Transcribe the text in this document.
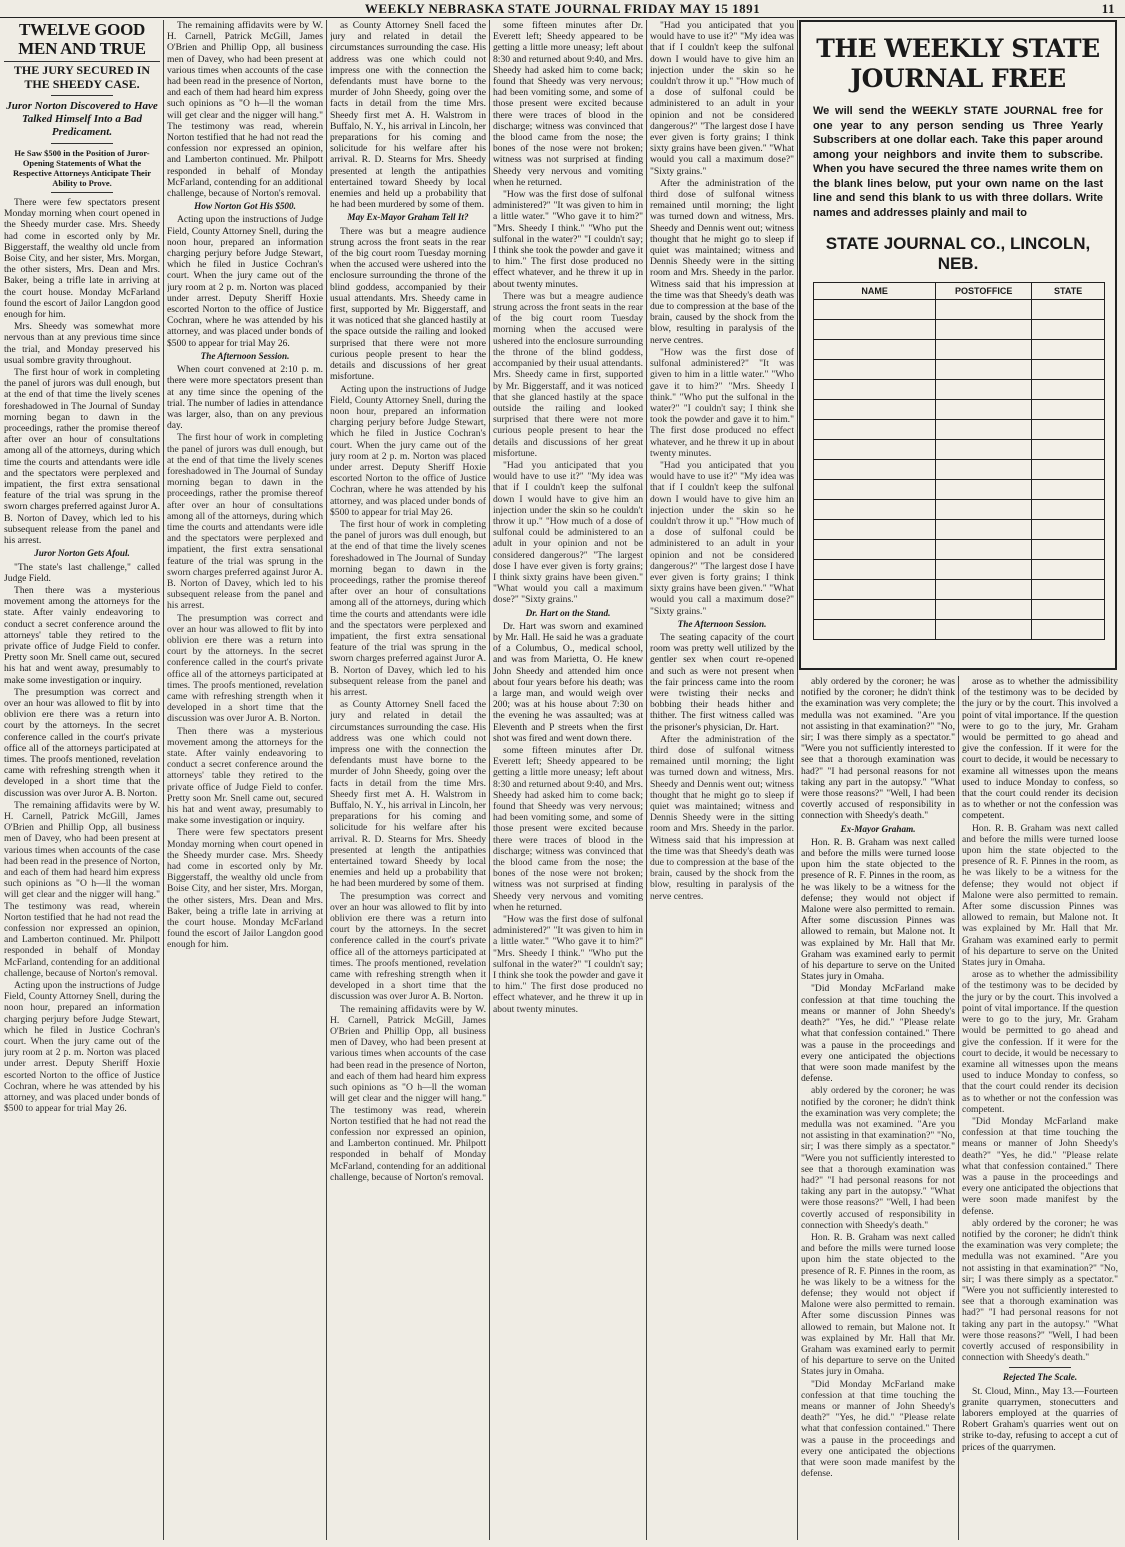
WEEKLY NEBRASKA STATE JOURNAL FRIDAY MAY 15 1891	11

TWELVE GOOD MEN AND TRUE

THE JURY SECURED IN THE SHEEDY CASE.

Juror Norton Discovered to Have Talked Himself Into a Bad Predicament.

He Saw $500 in the Position of Juror-Opening Statements of What the Respective Attorneys Anticipate Their Ability to Prove.

There were few spectators present Monday morning when court opened in the Sheedy murder case. Mrs. Sheedy had come in escorted only by Mr. Biggerstaff, the wealthy old uncle from Boise City, and her sister, Mrs. Morgan, the other sisters, Mrs. Dean and Mrs. Baker, being a trifle late in arriving at the court house. Monday McFarland found the escort of Jailor Langdon good enough for him.

Mrs. Sheedy was somewhat more nervous than at any previous time since the trial, and Monday preserved his usual sombre gravity throughout.

The first hour of work in completing the panel of jurors was dull enough, but at the end of that time the lively scenes foreshadowed in The Journal of Sunday morning began to dawn in the proceedings, rather the promise thereof after over an hour of consultations among all of the attorneys, during which time the courts and attendants were idle and the spectators were perplexed and impatient, the first extra sensational feature of the trial was sprung in the sworn charges preferred against Juror A. B. Norton of Davey, which led to his subsequent release from the panel and his arrest.

Juror Norton Gets Afoul.

"The state's last challenge," called Judge Field.

Then there was a mysterious movement among the attorneys for the state. After vainly endeavoring to conduct a secret conference around the attorneys' table they retired to the private office of Judge Field to confer. Pretty soon Mr. Snell came out, secured his hat and went away, presumably to make some investigation or inquiry.

The presumption was correct and over an hour was allowed to flit by into oblivion ere there was a return into court by the attorneys. In the secret conference called in the court's private office all of the attorneys participated at times. The proofs mentioned, revelation came with refreshing strength when it developed in a short time that the discussion was over Juror A. B. Norton.

The remaining affidavits were by W. H. Carnell, Patrick McGill, James O'Brien and Phillip Opp, all business men of Davey, who had been present at various times when accounts of the case had been read in the presence of Norton, and each of them had heard him express such opinions as "O h—ll the woman will get clear and the nigger will hang." The testimony was read, wherein Norton testified that he had not read the confession nor expressed an opinion, and Lamberton continued. Mr. Philpott responded in behalf of Monday McFarland, contending for an additional challenge, because of Norton's removal.

Acting upon the instructions of Judge Field, County Attorney Snell, during the noon hour, prepared an information charging perjury before Judge Stewart, which he filed in Justice Cochran's court. When the jury came out of the jury room at 2 p. m. Norton was placed under arrest. Deputy Sheriff Hoxie escorted Norton to the office of Justice Cochran, where he was attended by his attorney, and was placed under bonds of $500 to appear for trial May 26.

The remaining affidavits were by W. H. Carnell, Patrick McGill, James O'Brien and Phillip Opp, all business men of Davey, who had been present at various times when accounts of the case had been read in the presence of Norton, and each of them had heard him express such opinions as "O h—ll the woman will get clear and the nigger will hang." The testimony was read, wherein Norton testified that he had not read the confession nor expressed an opinion, and Lamberton continued. Mr. Philpott responded in behalf of Monday McFarland, contending for an additional challenge, because of Norton's removal.

How Norton Got His $500.

Acting upon the instructions of Judge Field, County Attorney Snell, during the noon hour, prepared an information charging perjury before Judge Stewart, which he filed in Justice Cochran's court. When the jury came out of the jury room at 2 p. m. Norton was placed under arrest. Deputy Sheriff Hoxie escorted Norton to the office of Justice Cochran, where he was attended by his attorney, and was placed under bonds of $500 to appear for trial May 26.

The Afternoon Session.

When court convened at 2:10 p. m. there were more spectators present than at any time since the opening of the trial. The number of ladies in attendance was larger, also, than on any previous day.

The first hour of work in completing the panel of jurors was dull enough, but at the end of that time the lively scenes foreshadowed in The Journal of Sunday morning began to dawn in the proceedings, rather the promise thereof after over an hour of consultations among all of the attorneys, during which time the courts and attendants were idle and the spectators were perplexed and impatient, the first extra sensational feature of the trial was sprung in the sworn charges preferred against Juror A. B. Norton of Davey, which led to his subsequent release from the panel and his arrest.

The presumption was correct and over an hour was allowed to flit by into oblivion ere there was a return into court by the attorneys. In the secret conference called in the court's private office all of the attorneys participated at times. The proofs mentioned, revelation came with refreshing strength when it developed in a short time that the discussion was over Juror A. B. Norton.

Then there was a mysterious movement among the attorneys for the state. After vainly endeavoring to conduct a secret conference around the attorneys' table they retired to the private office of Judge Field to confer. Pretty soon Mr. Snell came out, secured his hat and went away, presumably to make some investigation or inquiry.

There were few spectators present Monday morning when court opened in the Sheedy murder case. Mrs. Sheedy had come in escorted only by Mr. Biggerstaff, the wealthy old uncle from Boise City, and her sister, Mrs. Morgan, the other sisters, Mrs. Dean and Mrs. Baker, being a trifle late in arriving at the court house. Monday McFarland found the escort of Jailor Langdon good enough for him.

as County Attorney Snell faced the jury and related in detail the circumstances surrounding the case. His address was one which could not impress one with the connection the defendants must have borne to the murder of John Sheedy, going over the facts in detail from the time Mrs. Sheedy first met A. H. Walstrom in Buffalo, N. Y., his arrival in Lincoln, her preparations for his coming and solicitude for his welfare after his arrival. R. D. Stearns for Mrs. Sheedy presented at length the antipathies entertained toward Sheedy by local enemies and held up a probability that he had been murdered by some of them.

May Ex-Mayor Graham Tell It?

There was but a meagre audience strung across the front seats in the rear of the big court room Tuesday morning when the accused were ushered into the enclosure surrounding the throne of the blind goddess, accompanied by their usual attendants. Mrs. Sheedy came in first, supported by Mr. Biggerstaff, and it was noticed that she glanced hastily at the space outside the railing and looked surprised that there were not more curious people present to hear the details and discussions of her great misfortune.

Acting upon the instructions of Judge Field, County Attorney Snell, during the noon hour, prepared an information charging perjury before Judge Stewart, which he filed in Justice Cochran's court. When the jury came out of the jury room at 2 p. m. Norton was placed under arrest. Deputy Sheriff Hoxie escorted Norton to the office of Justice Cochran, where he was attended by his attorney, and was placed under bonds of $500 to appear for trial May 26.

The first hour of work in completing the panel of jurors was dull enough, but at the end of that time the lively scenes foreshadowed in The Journal of Sunday morning began to dawn in the proceedings, rather the promise thereof after over an hour of consultations among all of the attorneys, during which time the courts and attendants were idle and the spectators were perplexed and impatient, the first extra sensational feature of the trial was sprung in the sworn charges preferred against Juror A. B. Norton of Davey, which led to his subsequent release from the panel and his arrest.

as County Attorney Snell faced the jury and related in detail the circumstances surrounding the case. His address was one which could not impress one with the connection the defendants must have borne to the murder of John Sheedy, going over the facts in detail from the time Mrs. Sheedy first met A. H. Walstrom in Buffalo, N. Y., his arrival in Lincoln, her preparations for his coming and solicitude for his welfare after his arrival. R. D. Stearns for Mrs. Sheedy presented at length the antipathies entertained toward Sheedy by local enemies and held up a probability that he had been murdered by some of them.

The presumption was correct and over an hour was allowed to flit by into oblivion ere there was a return into court by the attorneys. In the secret conference called in the court's private office all of the attorneys participated at times. The proofs mentioned, revelation came with refreshing strength when it developed in a short time that the discussion was over Juror A. B. Norton.

The remaining affidavits were by W. H. Carnell, Patrick McGill, James O'Brien and Phillip Opp, all business men of Davey, who had been present at various times when accounts of the case had been read in the presence of Norton, and each of them had heard him express such opinions as "O h—ll the woman will get clear and the nigger will hang." The testimony was read, wherein Norton testified that he had not read the confession nor expressed an opinion, and Lamberton continued. Mr. Philpott responded in behalf of Monday McFarland, contending for an additional challenge, because of Norton's removal.

some fifteen minutes after Dr. Everett left; Sheedy appeared to be getting a little more uneasy; left about 8:30 and returned about 9:40, and Mrs. Sheedy had asked him to come back; found that Sheedy was very nervous; had been vomiting some, and some of those present were excited because there were traces of blood in the discharge; witness was convinced that the blood came from the nose; the bones of the nose were not broken; witness was not surprised at finding Sheedy very nervous and vomiting when he returned.

"How was the first dose of sulfonal administered?" "It was given to him in a little water." "Who gave it to him?" "Mrs. Sheedy I think." "Who put the sulfonal in the water?" "I couldn't say; I think she took the powder and gave it to him." The first dose produced no effect whatever, and he threw it up in about twenty minutes.

There was but a meagre audience strung across the front seats in the rear of the big court room Tuesday morning when the accused were ushered into the enclosure surrounding the throne of the blind goddess, accompanied by their usual attendants. Mrs. Sheedy came in first, supported by Mr. Biggerstaff, and it was noticed that she glanced hastily at the space outside the railing and looked surprised that there were not more curious people present to hear the details and discussions of her great misfortune.

"Had you anticipated that you would have to use it?" "My idea was that if I couldn't keep the sulfonal down I would have to give him an injection under the skin so he couldn't throw it up." "How much of a dose of sulfonal could be administered to an adult in your opinion and not be considered dangerous?" "The largest dose I have ever given is forty grains; I think sixty grains have been given." "What would you call a maximum dose?" "Sixty grains."

Dr. Hart on the Stand.

Dr. Hart was sworn and examined by Mr. Hall. He said he was a graduate of a Columbus, O., medical school, and was from Marietta, O. He knew John Sheedy and attended him once about four years before his death; was a large man, and would weigh over 200; was at his house about 7:30 on the evening he was assaulted; was at Eleventh and P streets when the first shot was fired and went down there.

some fifteen minutes after Dr. Everett left; Sheedy appeared to be getting a little more uneasy; left about 8:30 and returned about 9:40, and Mrs. Sheedy had asked him to come back; found that Sheedy was very nervous; had been vomiting some, and some of those present were excited because there were traces of blood in the discharge; witness was convinced that the blood came from the nose; the bones of the nose were not broken; witness was not surprised at finding Sheedy very nervous and vomiting when he returned.

"How was the first dose of sulfonal administered?" "It was given to him in a little water." "Who gave it to him?" "Mrs. Sheedy I think." "Who put the sulfonal in the water?" "I couldn't say; I think she took the powder and gave it to him." The first dose produced no effect whatever, and he threw it up in about twenty minutes.

"Had you anticipated that you would have to use it?" "My idea was that if I couldn't keep the sulfonal down I would have to give him an injection under the skin so he couldn't throw it up." "How much of a dose of sulfonal could be administered to an adult in your opinion and not be considered dangerous?" "The largest dose I have ever given is forty grains; I think sixty grains have been given." "What would you call a maximum dose?" "Sixty grains."

After the administration of the third dose of sulfonal witness remained until morning; the light was turned down and witness, Mrs. Sheedy and Dennis went out; witness thought that he might go to sleep if quiet was maintained; witness and Dennis Sheedy were in the sitting room and Mrs. Sheedy in the parlor. Witness said that his impression at the time was that Sheedy's death was due to compression at the base of the brain, caused by the shock from the blow, resulting in paralysis of the nerve centres.

"How was the first dose of sulfonal administered?" "It was given to him in a little water." "Who gave it to him?" "Mrs. Sheedy I think." "Who put the sulfonal in the water?" "I couldn't say; I think she took the powder and gave it to him." The first dose produced no effect whatever, and he threw it up in about twenty minutes.

"Had you anticipated that you would have to use it?" "My idea was that if I couldn't keep the sulfonal down I would have to give him an injection under the skin so he couldn't throw it up." "How much of a dose of sulfonal could be administered to an adult in your opinion and not be considered dangerous?" "The largest dose I have ever given is forty grains; I think sixty grains have been given." "What would you call a maximum dose?" "Sixty grains."

The Afternoon Session.

The seating capacity of the court room was pretty well utilized by the gentler sex when court re-opened and such as were not present when the fair princess came into the room were twisting their necks and bobbing their heads hither and thither. The first witness called was the prisoner's physician, Dr. Hart.

After the administration of the third dose of sulfonal witness remained until morning; the light was turned down and witness, Mrs. Sheedy and Dennis went out; witness thought that he might go to sleep if quiet was maintained; witness and Dennis Sheedy were in the sitting room and Mrs. Sheedy in the parlor. Witness said that his impression at the time was that Sheedy's death was due to compression at the base of the brain, caused by the shock from the blow, resulting in paralysis of the nerve centres.

THE WEEKLY STATE JOURNAL FREE
We will send the WEEKLY STATE JOURNAL free for one year to any person sending us Three Yearly Subscribers at one dollar each. Take this paper around among your neighbors and invite them to subscribe. When you have secured the three names write them on the blank lines below, put your own name on the last line and send this blank to us with three dollars. Write names and addresses plainly and mail to
STATE JOURNAL CO., LINCOLN, NEB.
NAME	POSTOFFICE	STATE

ably ordered by the coroner; he was notified by the coroner; he didn't think the examination was very complete; the medulla was not examined. "Are you not assisting in that examination?" "No, sir; I was there simply as a spectator." "Were you not sufficiently interested to see that a thorough examination was had?" "I had personal reasons for not taking any part in the autopsy." "What were those reasons?" "Well, I had been covertly accused of responsibility in connection with Sheedy's death."

Ex-Mayor Graham.

Hon. R. B. Graham was next called and before the mills were turned loose upon him the state objected to the presence of R. F. Pinnes in the room, as he was likely to be a witness for the defense; they would not object if Malone were also permitted to remain. After some discussion Pinnes was allowed to remain, but Malone not. It was explained by Mr. Hall that Mr. Graham was examined early to permit of his departure to serve on the United States jury in Omaha.

"Did Monday McFarland make confession at that time touching the means or manner of John Sheedy's death?" "Yes, he did." "Please relate what that confession contained." There was a pause in the proceedings and every one anticipated the objections that were soon made manifest by the defense.

ably ordered by the coroner; he was notified by the coroner; he didn't think the examination was very complete; the medulla was not examined. "Are you not assisting in that examination?" "No, sir; I was there simply as a spectator." "Were you not sufficiently interested to see that a thorough examination was had?" "I had personal reasons for not taking any part in the autopsy." "What were those reasons?" "Well, I had been covertly accused of responsibility in connection with Sheedy's death."

Hon. R. B. Graham was next called and before the mills were turned loose upon him the state objected to the presence of R. F. Pinnes in the room, as he was likely to be a witness for the defense; they would not object if Malone were also permitted to remain. After some discussion Pinnes was allowed to remain, but Malone not. It was explained by Mr. Hall that Mr. Graham was examined early to permit of his departure to serve on the United States jury in Omaha.

"Did Monday McFarland make confession at that time touching the means or manner of John Sheedy's death?" "Yes, he did." "Please relate what that confession contained." There was a pause in the proceedings and every one anticipated the objections that were soon made manifest by the defense.

arose as to whether the admissibility of the testimony was to be decided by the jury or by the court. This involved a point of vital importance. If the question were to go to the jury, Mr. Graham would be permitted to go ahead and give the confession. If it were for the court to decide, it would be necessary to examine all witnesses upon the means used to induce Monday to confess, so that the court could render its decision as to whether or not the confession was competent.

Hon. R. B. Graham was next called and before the mills were turned loose upon him the state objected to the presence of R. F. Pinnes in the room, as he was likely to be a witness for the defense; they would not object if Malone were also permitted to remain. After some discussion Pinnes was allowed to remain, but Malone not. It was explained by Mr. Hall that Mr. Graham was examined early to permit of his departure to serve on the United States jury in Omaha.

arose as to whether the admissibility of the testimony was to be decided by the jury or by the court. This involved a point of vital importance. If the question were to go to the jury, Mr. Graham would be permitted to go ahead and give the confession. If it were for the court to decide, it would be necessary to examine all witnesses upon the means used to induce Monday to confess, so that the court could render its decision as to whether or not the confession was competent.

"Did Monday McFarland make confession at that time touching the means or manner of John Sheedy's death?" "Yes, he did." "Please relate what that confession contained." There was a pause in the proceedings and every one anticipated the objections that were soon made manifest by the defense.

ably ordered by the coroner; he was notified by the coroner; he didn't think the examination was very complete; the medulla was not examined. "Are you not assisting in that examination?" "No, sir; I was there simply as a spectator." "Were you not sufficiently interested to see that a thorough examination was had?" "I had personal reasons for not taking any part in the autopsy." "What were those reasons?" "Well, I had been covertly accused of responsibility in connection with Sheedy's death."

Rejected The Scale.

St. Cloud, Minn., May 13.—Fourteen granite quarrymen, stonecutters and laborers employed at the quarries of Robert Graham's quarries went out on strike to-day, refusing to accept a cut of prices of the quarrymen.
